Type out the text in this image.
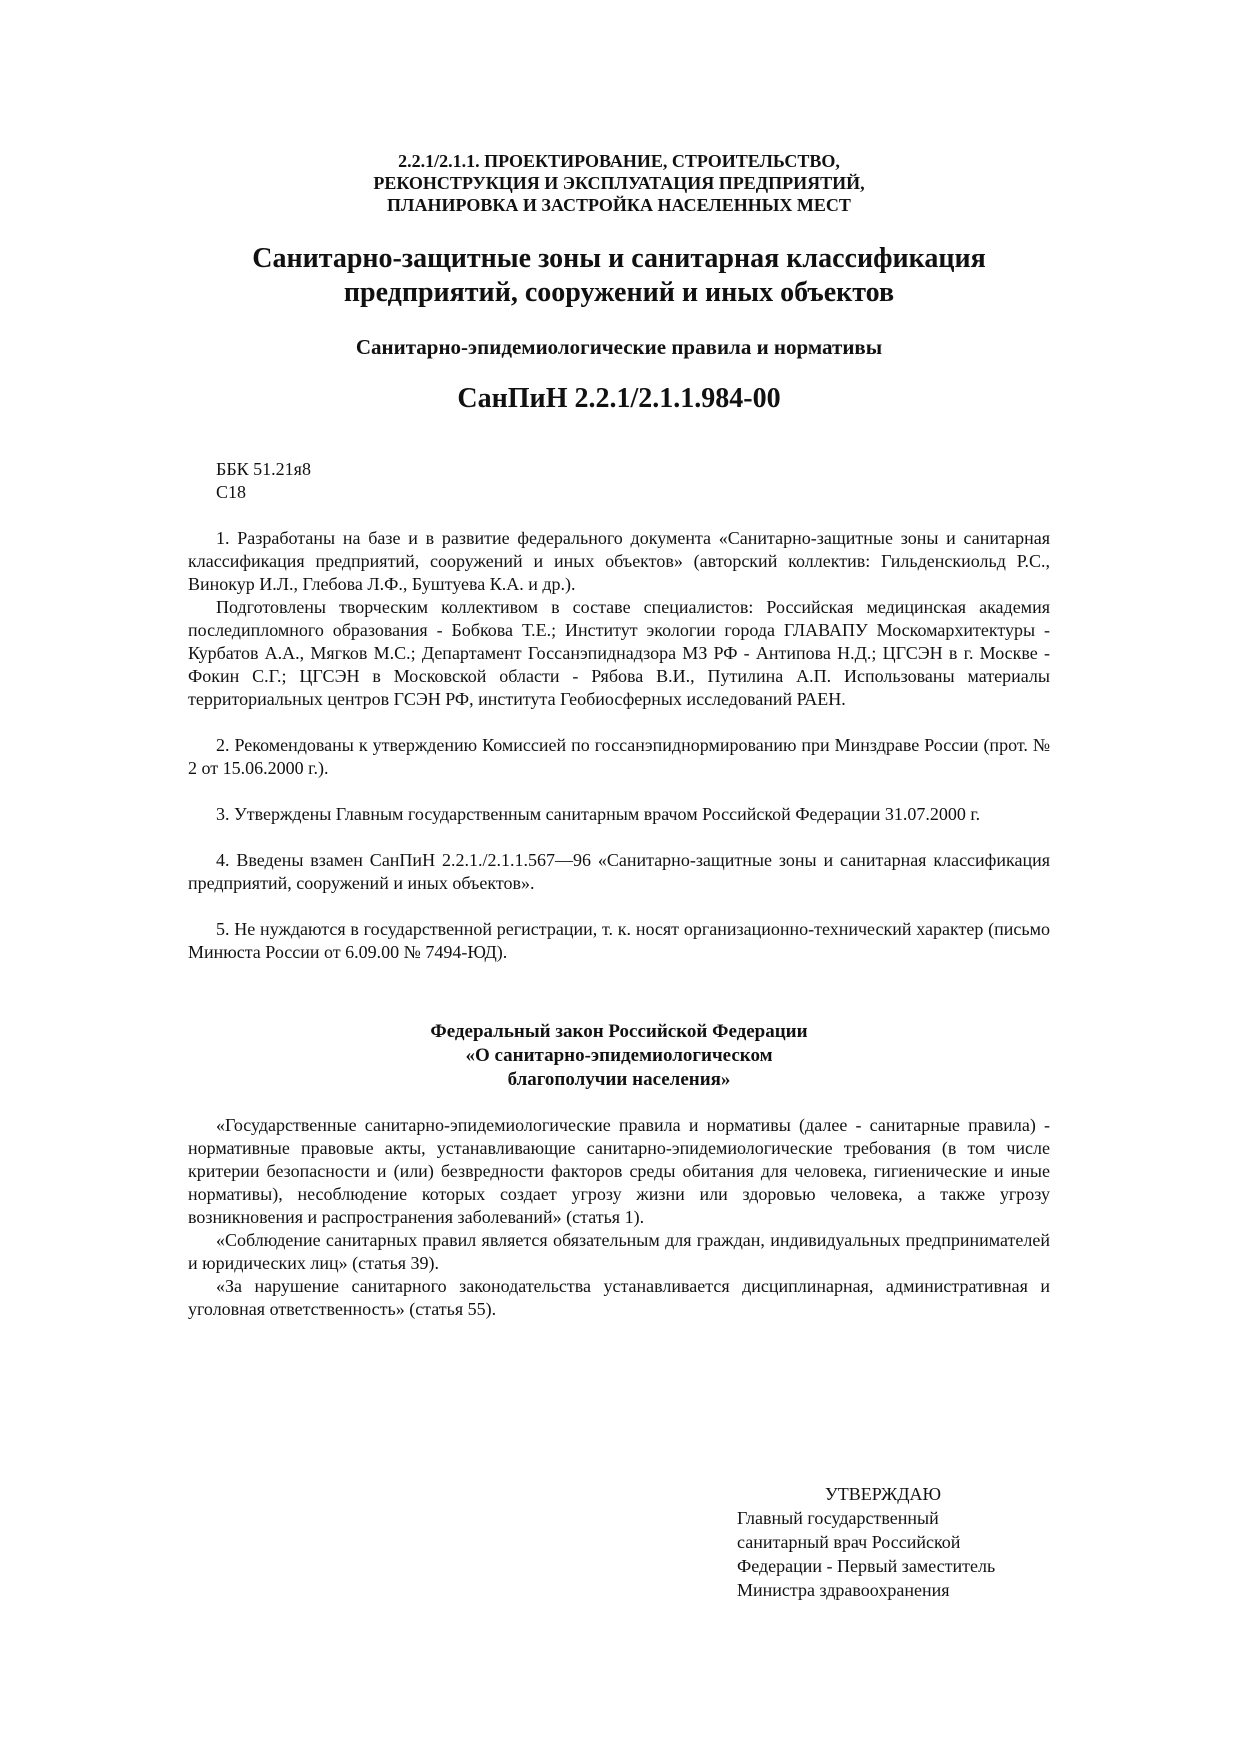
2.2.1/2.1.1. ПРОЕКТИРОВАНИЕ, СТРОИТЕЛЬСТВО,
РЕКОНСТРУКЦИЯ И ЭКСПЛУАТАЦИЯ ПРЕДПРИЯТИЙ,
ПЛАНИРОВКА И ЗАСТРОЙКА НАСЕЛЕННЫХ МЕСТ
Санитарно-защитные зоны и санитарная классификация
предприятий, сооружений и иных объектов
Санитарно-эпидемиологические правила и нормативы
СанПиН 2.2.1/2.1.1.984-00
ББК 51.21я8
С18

1. Разработаны на базе и в развитие федерального документа «Санитарно-защитные зоны и санитарная классификация предприятий, сооружений и иных объектов» (авторский коллектив: Гильденскиольд Р.С., Винокур И.Л., Глебова Л.Ф., Буштуева К.А. и др.).

Подготовлены творческим коллективом в составе специалистов: Российская медицинская академия последипломного образования - Бобкова Т.Е.; Институт экологии города ГЛАВАПУ Москомархитектуры - Курбатов А.А., Мягков М.С.; Департамент Госсанэпиднадзора МЗ РФ - Антипова Н.Д.; ЦГСЭН в г. Москве - Фокин С.Г.; ЦГСЭН в Московской области - Рябова В.И., Путилина А.П. Использованы материалы территориальных центров ГСЭН РФ, института Геобиосферных исследований РАЕН.

2. Рекомендованы к утверждению Комиссией по госсанэпиднормированию при Минздраве России (прот. № 2 от 15.06.2000 г.).

3. Утверждены Главным государственным санитарным врачом Российской Федерации 31.07.2000 г.

4. Введены взамен СанПиН 2.2.1./2.1.1.567—96 «Санитарно-защитные зоны и санитарная классификация предприятий, сооружений и иных объектов».

5. Не нуждаются в государственной регистрации, т. к. носят организационно-технический характер (письмо Минюста России от 6.09.00 № 7494-ЮД).

Федеральный закон Российской Федерации
«О санитарно-эпидемиологическом
благополучии населения»

«Государственные санитарно-эпидемиологические правила и нормативы (далее - санитарные правила) - нормативные правовые акты, устанавливающие санитарно-эпидемиологические требования (в том числе критерии безопасности и (или) безвредности факторов среды обитания для человека, гигиенические и иные нормативы), несоблюдение которых создает угрозу жизни или здоровью человека, а также угрозу возникновения и распространения заболеваний» (статья 1).

«Соблюдение санитарных правил является обязательным для граждан, индивидуальных предпринимателей и юридических лиц» (статья 39).

«За нарушение санитарного законодательства устанавливается дисциплинарная, административная и уголовная ответственность» (статья 55).

УТВЕРЖДАЮ
Главный государственный
санитарный врач Российской
Федерации - Первый заместитель
Министра здравоохранения
